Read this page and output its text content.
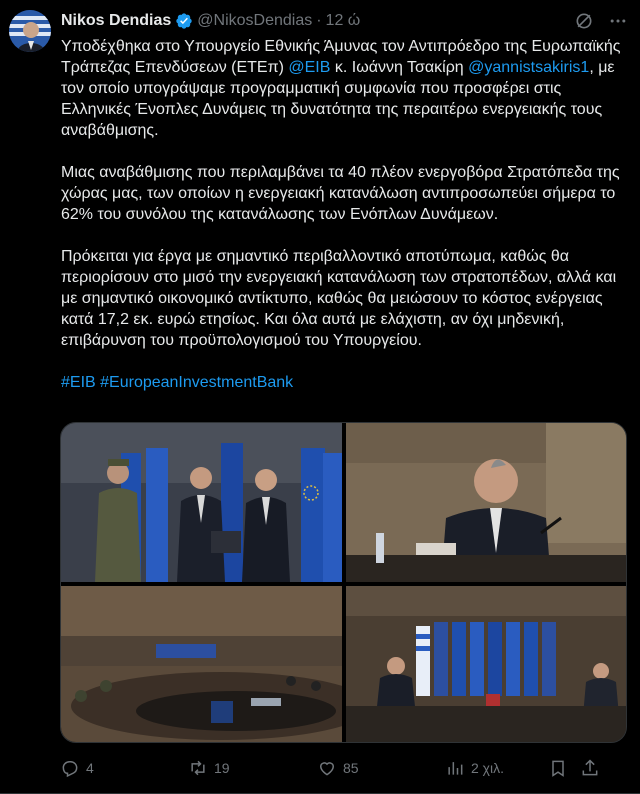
Nikos Dendias @NikosDendias · 12 ώ

Υποδέχθηκα στο Υπουργείο Εθνικής Άμυνας τον Αντιπρόεδρο της Ευρωπαϊκής Τράπεζας Επενδύσεων (ΕΤΕπ) @EIB κ. Ιωάννη Τσακίρη @yannistsakiris1, με τον οποίο υπογράψαμε προγραμματική συμφωνία που προσφέρει στις Ελληνικές Ένοπλες Δυνάμεις τη δυνατότητα της περαιτέρω ενεργειακής τους αναβάθμισης.

Μιας αναβάθμισης που περιλαμβάνει τα 40 πλέον ενεργοβόρα Στρατόπεδα της χώρας μας, των οποίων η ενεργειακή κατανάλωση αντιπροσωπεύει σήμερα το 62% του συνόλου της κατανάλωσης των Ενόπλων Δυνάμεων.

Πρόκειται για έργα με σημαντικό περιβαλλοντικό αποτύπωμα, καθώς θα περιορίσουν στο μισό την ενεργειακή κατανάλωση των στρατοπέδων, αλλά και με σημαντικό οικονομικό αντίκτυπο, καθώς θα μειώσουν το κόστος ενέργειας κατά 17,2 εκ. ευρώ ετησίως. Και όλα αυτά με ελάχιστη, αν όχι μηδενική, επιβάρυνση του προϋπολογισμού του Υπουργείου.

#EIB #EuropeanInvestmentBank

4	19	85	2 χιλ.
